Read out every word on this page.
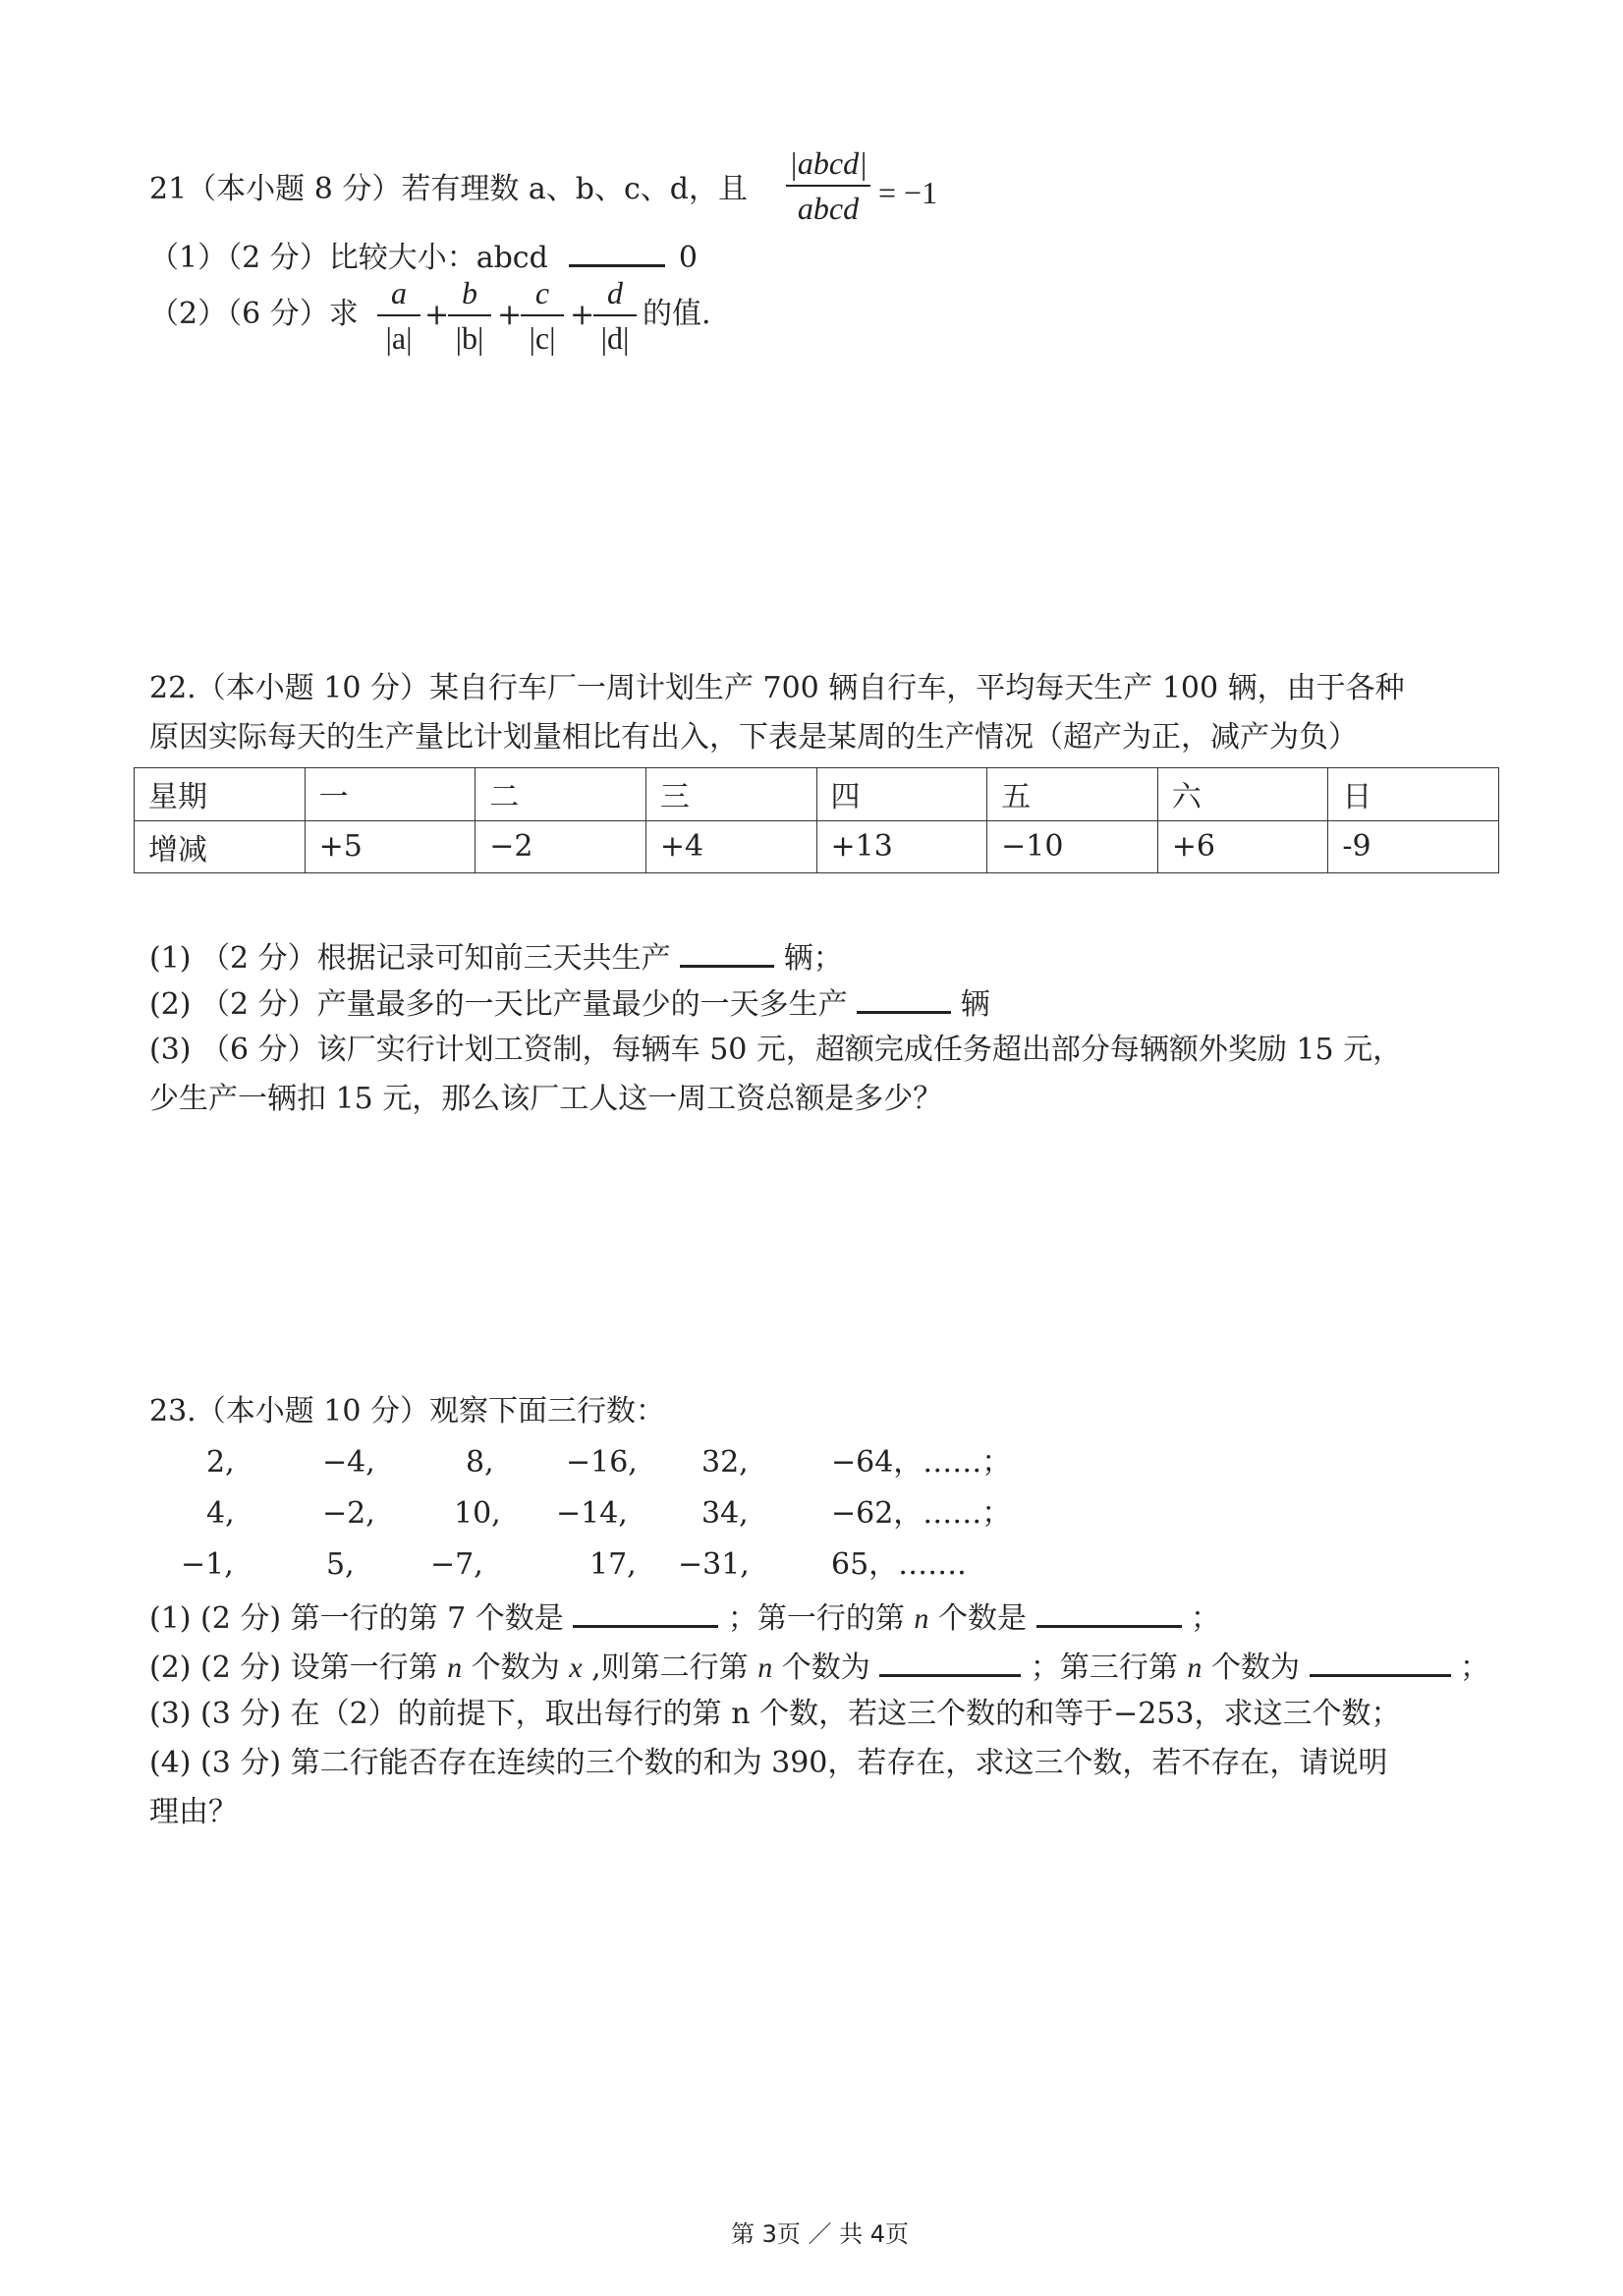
21（本小题 8 分）若有理数 a、b、c、d，且
|abcd|
abcd = −1
（1）（2 分）比较大小：abcd	0
（2）（6 分）求
a
|a|
+
b
|b|
+
c
|c|
+
d
|d|
的值.
22.（本小题 10 分）某自行车厂一周计划生产 700 辆自行车，平均每天生产 100 辆，由于各种
原因实际每天的生产量比计划量相比有出入，下表是某周的生产情况（超产为正，减产为负）
星期	一	二	三	四	五	六	日
增减	+5	−2	+4	+13	−10	+6	-9
(1) （2 分）根据记录可知前三天共生产	辆；
(2) （2 分）产量最多的一天比产量最少的一天多生产	辆
(3) （6 分）该厂实行计划工资制，每辆车 50 元，超额完成任务超出部分每辆额外奖励 15 元，
少生产一辆扣 15 元，那么该厂工人这一周工资总额是多少？
23.（本小题 10 分）观察下面三行数：
2,	−4,	8, −16, 32,	−64，……；
4,	−2,	10, −14,	34,	−62，……；
−1,	5,	−7,	17, −31,	65，…….
(1) (2 分) 第一行的第 7 个数是	；第一行的第 n 个数是	；
(2) (2 分) 设第一行第 n 个数为 x ,则第二行第 n 个数为	；第三行第 n 个数为	；
(3) (3 分) 在（2）的前提下，取出每行的第 n 个数，若这三个数的和等于−253，求这三个数；
(4) (3 分) 第二行能否存在连续的三个数的和为 390，若存在，求这三个数，若不存在，请说明
理由？
第 3页 ／ 共 4页
